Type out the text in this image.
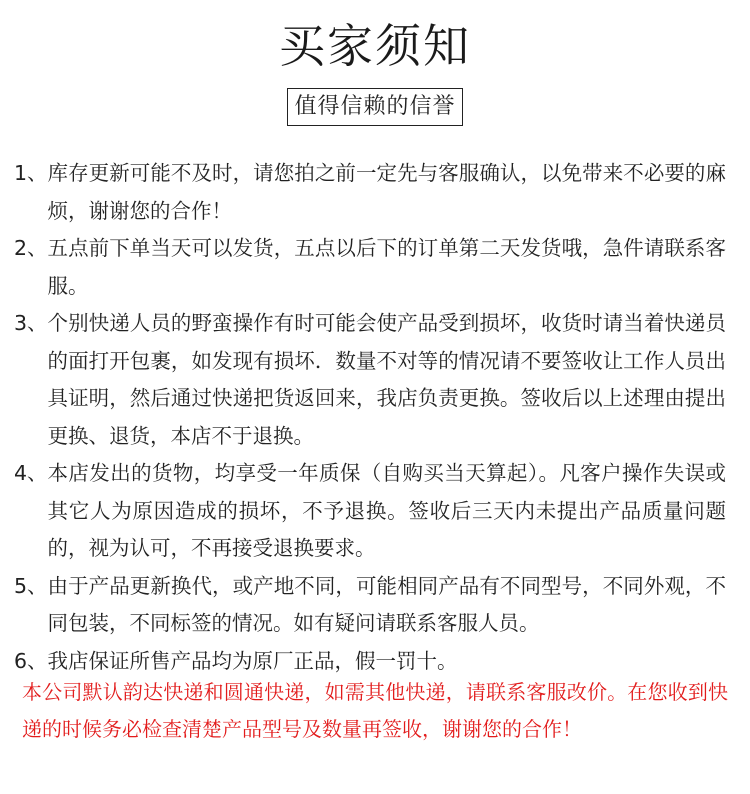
买家须知
值得信赖的信誉
1、 库存更新可能不及时，请您拍之前一定先与客服确认，以免带来不必要的麻烦，谢谢您的合作！
2、 五点前下单当天可以发货，五点以后下的订单第二天发货哦，急件请联系客服。
3、 个别快递人员的野蛮操作有时可能会使产品受到损坏，收货时请当着快递员的面打开包裹，如发现有损坏．数量不对等的情况请不要签收让工作人员出具证明，然后通过快递把货返回来，我店负责更换。签收后以上述理由提出更换、退货，本店不于退换。
4、 本店发出的货物，均享受一年质保（自购买当天算起）。凡客户操作失误或其它人为原因造成的损坏，不予退换。签收后三天内未提出产品质量问题的，视为认可，不再接受退换要求。
5、 由于产品更新换代，或产地不同，可能相同产品有不同型号，不同外观，不同包装，不同标签的情况。如有疑问请联系客服人员。
6、 我店保证所售产品均为原厂正品，假一罚十。
本公司默认韵达快递和圆通快递，如需其他快递，请联系客服改价。在您收到快递的时候务必检查清楚产品型号及数量再签收，谢谢您的合作！
